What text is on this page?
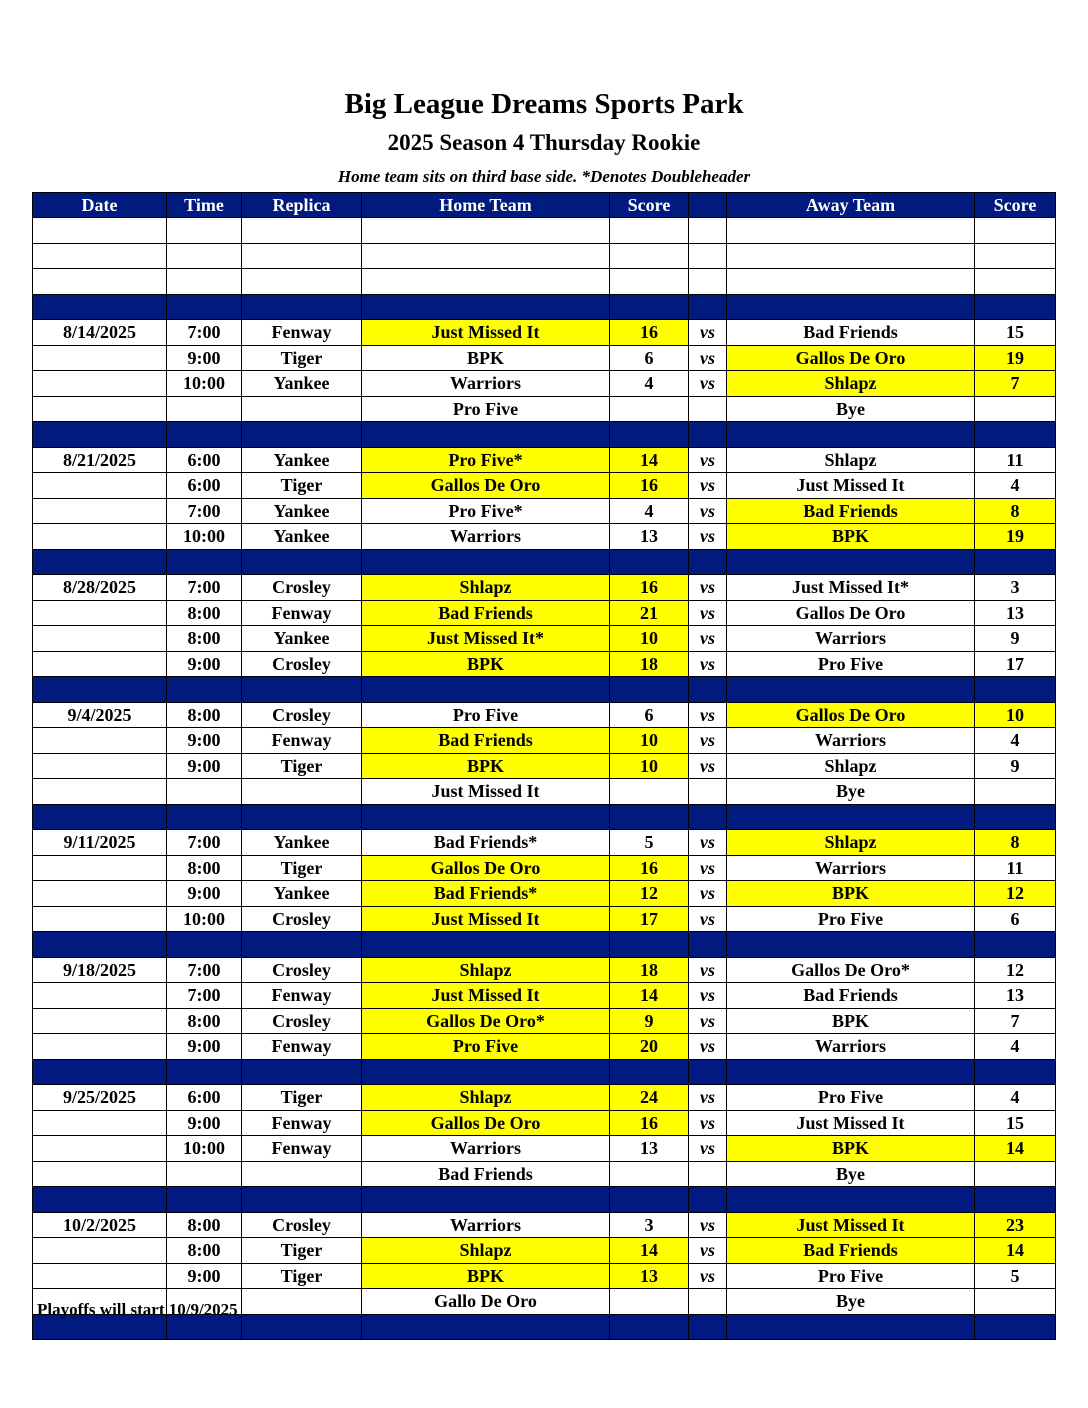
Big League Dreams Sports Park
2025 Season 4 Thursday Rookie
Home team sits on third base side. *Denotes Doubleheader
Date	Time	Replica	Home Team	Score		Away Team	Score

8/14/2025	7:00	Fenway	Just Missed It	16	vs	Bad Friends	15
	9:00	Tiger	BPK	6	vs	Gallos De Oro	19
	10:00	Yankee	Warriors	4	vs	Shlapz	7
			Pro Five			Bye	

8/21/2025	6:00	Yankee	Pro Five*	14	vs	Shlapz	11
	6:00	Tiger	Gallos De Oro	16	vs	Just Missed It	4
	7:00	Yankee	Pro Five*	4	vs	Bad Friends	8
	10:00	Yankee	Warriors	13	vs	BPK	19

8/28/2025	7:00	Crosley	Shlapz	16	vs	Just Missed It*	3
	8:00	Fenway	Bad Friends	21	vs	Gallos De Oro	13
	8:00	Yankee	Just Missed It*	10	vs	Warriors	9
	9:00	Crosley	BPK	18	vs	Pro Five	17

9/4/2025	8:00	Crosley	Pro Five	6	vs	Gallos De Oro	10
	9:00	Fenway	Bad Friends	10	vs	Warriors	4
	9:00	Tiger	BPK	10	vs	Shlapz	9
			Just Missed It			Bye	

9/11/2025	7:00	Yankee	Bad Friends*	5	vs	Shlapz	8
	8:00	Tiger	Gallos De Oro	16	vs	Warriors	11
	9:00	Yankee	Bad Friends*	12	vs	BPK	12
	10:00	Crosley	Just Missed It	17	vs	Pro Five	6

9/18/2025	7:00	Crosley	Shlapz	18	vs	Gallos De Oro*	12
	7:00	Fenway	Just Missed It	14	vs	Bad Friends	13
	8:00	Crosley	Gallos De Oro*	9	vs	BPK	7
	9:00	Fenway	Pro Five	20	vs	Warriors	4

9/25/2025	6:00	Tiger	Shlapz	24	vs	Pro Five	4
	9:00	Fenway	Gallos De Oro	16	vs	Just Missed It	15
	10:00	Fenway	Warriors	13	vs	BPK	14
			Bad Friends			Bye	

10/2/2025	8:00	Crosley	Warriors	3	vs	Just Missed It	23
	8:00	Tiger	Shlapz	14	vs	Bad Friends	14
	9:00	Tiger	BPK	13	vs	Pro Five	5
			Gallo De Oro			Bye	

Playoffs will start 10/9/2025
